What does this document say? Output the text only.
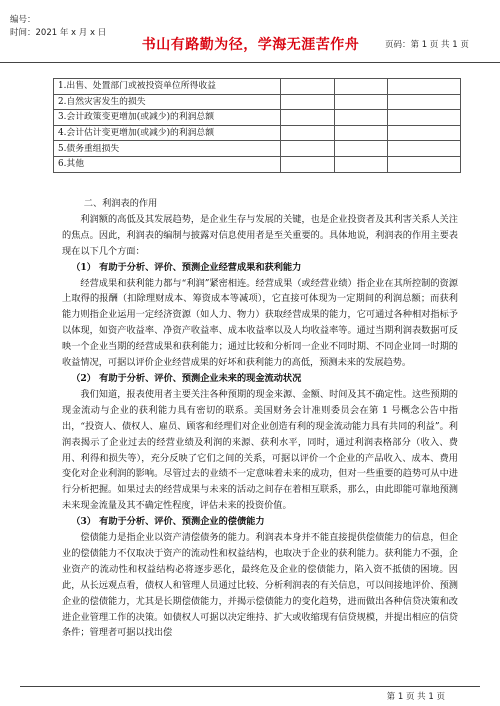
编号：
时间：2021 年 x 月 x 日
书山有路勤为径，学海无涯苦作舟	页码：第 1 页 共 1 页
1.出售、处置部门或被投资单位所得收益			
2.自然灾害发生的损失			
3.会计政策变更增加(或减少)的利润总额			
4.会计估计变更增加(或减少)的利润总额			
5.债务重组损失			
6.其他			

二、利润表的作用

利润额的高低及其发展趋势，是企业生存与发展的关键，也是企业投资者及其利害关系人关注的焦点。因此，利润表的编制与披露对信息使用者是至关重要的。具体地说，利润表的作用主要表现在以下几个方面：

（1） 有助于分析、评价、预测企业经营成果和获利能力

经营成果和获利能力都与“利润”紧密相连。经营成果（或经营业绩）指企业在其所控制的资源上取得的报酬（扣除理财成本、筹资成本等减项），它直接可体现为一定期间的利润总额；而获利能力则指企业运用一定经济资源（如人力、物力）获取经营成果的能力，它可通过各种相对指标予以体现，如资产收益率、净资产收益率、成本收益率以及人均收益率等。通过当期利润表数据可反映一个企业当期的经营成果和获利能力；通过比较和分析同一企业不同时期、不同企业同一时期的收益情况，可据以评价企业经营成果的好坏和获利能力的高低，预测未来的发展趋势。

（2） 有助于分析、评价、预测企业未来的现金流动状况

我们知道，报表使用者主要关注各种预期的现金来源、金额、时间及其不确定性。这些预期的现金流动与企业的获利能力具有密切的联系。美国财务会计准则委员会在第 1 号概念公告中指出，“投资人、债权人、雇员、顾客和经理们对企业创造有利的现金流动能力具有共同的利益”。利润表揭示了企业过去的经营业绩及利润的来源、获利水平，同时，通过利润表格部分（收入、费用、利得和损失等），充分反映了它们之间的关系，可据以评价一个企业的产品收入、成本、费用变化对企业利润的影响。尽管过去的业绩不一定意味着未来的成功，但对一些重要的趋势可从中进行分析把握。如果过去的经营成果与未来的活动之间存在着相互联系，那么，由此即能可靠地预测未来现金流量及其不确定性程度，评估未来的投资价值。

（3） 有助于分析、评价、预测企业的偿债能力

偿债能力是指企业以资产清偿债务的能力。利润表本身并不能直接提供偿债能力的信息，但企业的偿债能力不仅取决于资产的流动性和权益结构，也取决于企业的获利能力。获利能力不强，企业资产的流动性和权益结构必将逐步恶化，最终危及企业的偿债能力，陷入资不抵债的困境。因此，从长远观点看，债权人和管理人员通过比较、分析利润表的有关信息，可以间接地评价、预测企业的偿债能力，尤其是长期偿债能力，并揭示偿债能力的变化趋势，进而做出各种信贷决策和改进企业管理工作的决策。如债权人可据以决定维持、扩大或收缩现有信贷规模，并提出相应的信贷条件；管理者可据以找出偿

第 1 页 共 1 页
